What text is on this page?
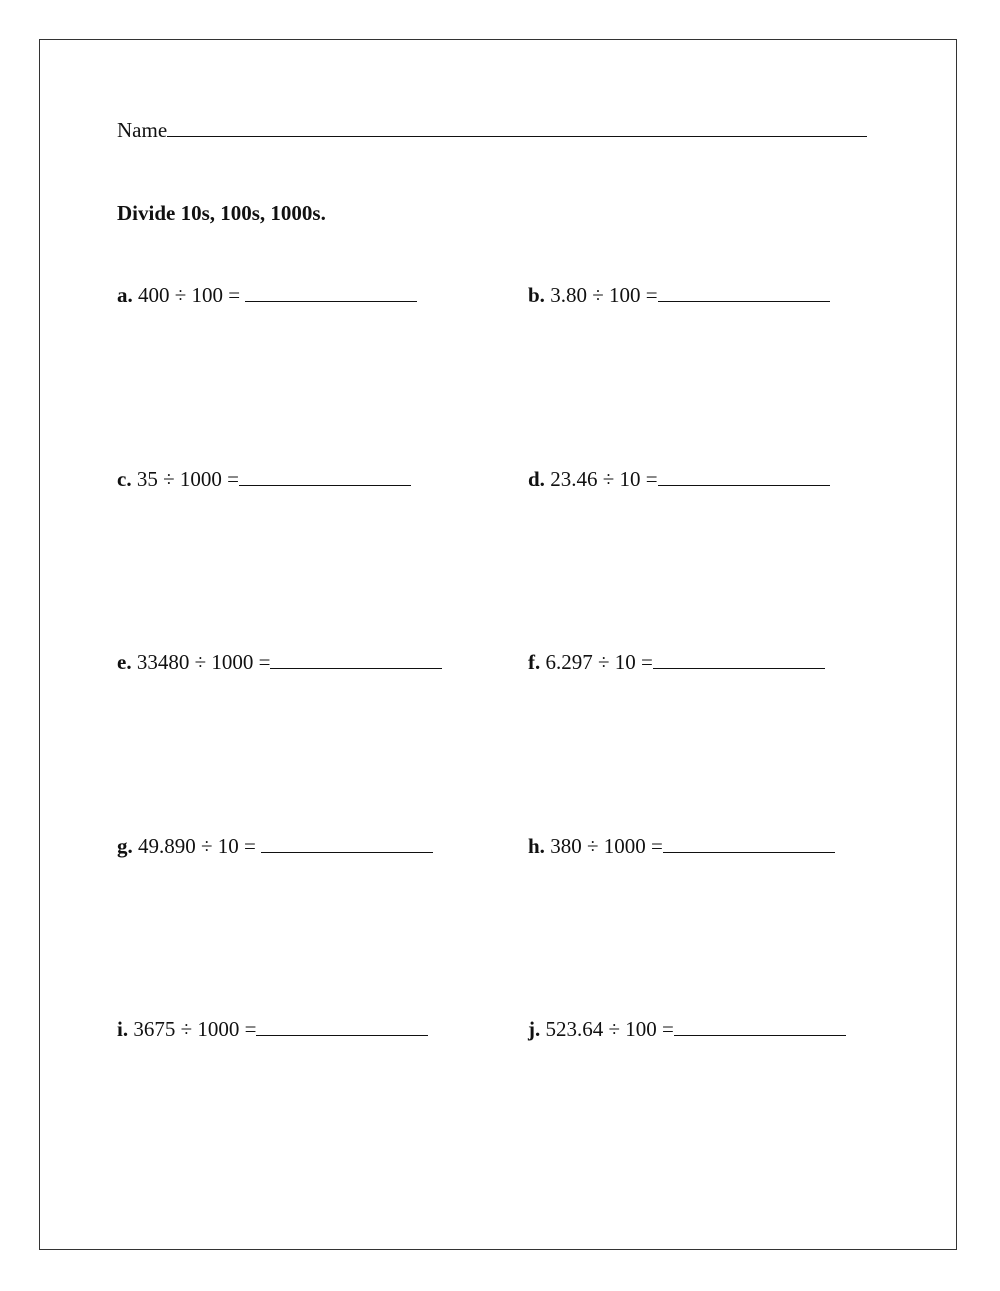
Name
Divide 10s, 100s, 1000s.
a. 400 ÷ 100 =	b. 3.80 ÷ 100 =
c. 35 ÷ 1000 =	d. 23.46 ÷ 10 =
e. 33480 ÷ 1000 =	f. 6.297 ÷ 10 =
g. 49.890 ÷ 10 =	h. 380 ÷ 1000 =
i. 3675 ÷ 1000 =	j. 523.64 ÷ 100 =
